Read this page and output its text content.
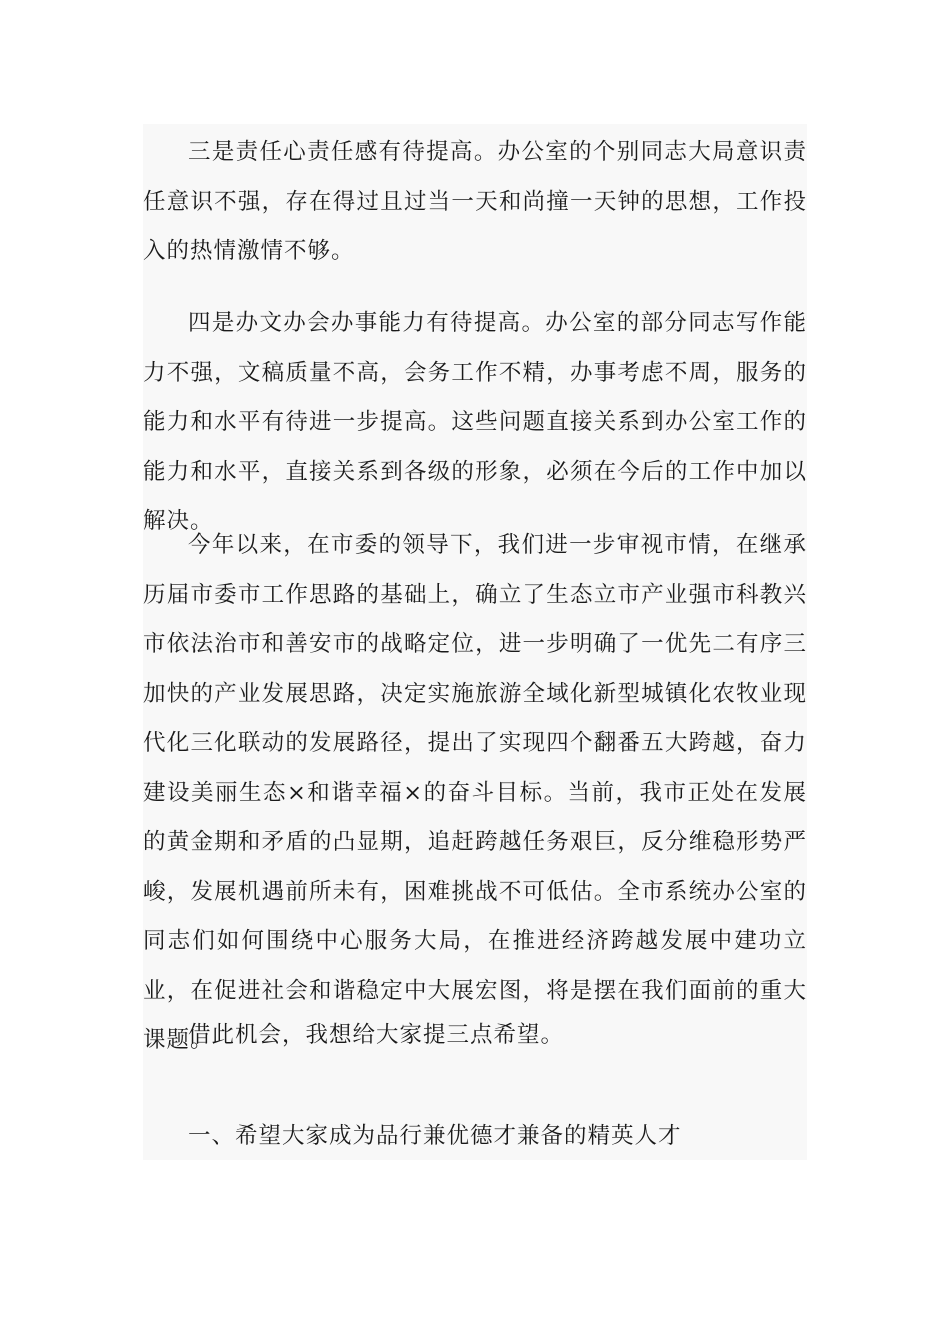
三是责任心责任感有待提高。办公室的个别同志大局意识责任意识不强，存在得过且过当一天和尚撞一天钟的思想，工作投入的热情激情不够。

四是办文办会办事能力有待提高。办公室的部分同志写作能力不强，文稿质量不高，会务工作不精，办事考虑不周，服务的能力和水平有待进一步提高。这些问题直接关系到办公室工作的能力和水平，直接关系到各级的形象，必须在今后的工作中加以解决。

今年以来，在市委的领导下，我们进一步审视市情，在继承历届市委市工作思路的基础上，确立了生态立市产业强市科教兴市依法治市和善安市的战略定位，进一步明确了一优先二有序三加快的产业发展思路，决定实施旅游全域化新型城镇化农牧业现代化三化联动的发展路径，提出了实现四个翻番五大跨越，奋力建设美丽生态×和谐幸福×的奋斗目标。当前，我市正处在发展的黄金期和矛盾的凸显期，追赶跨越任务艰巨，反分维稳形势严峻，发展机遇前所未有，困难挑战不可低估。全市系统办公室的同志们如何围绕中心服务大局，在推进经济跨越发展中建功立业，在促进社会和谐稳定中大展宏图，将是摆在我们面前的重大课题。

借此机会，我想给大家提三点希望。

一、希望大家成为品行兼优德才兼备的精英人才
